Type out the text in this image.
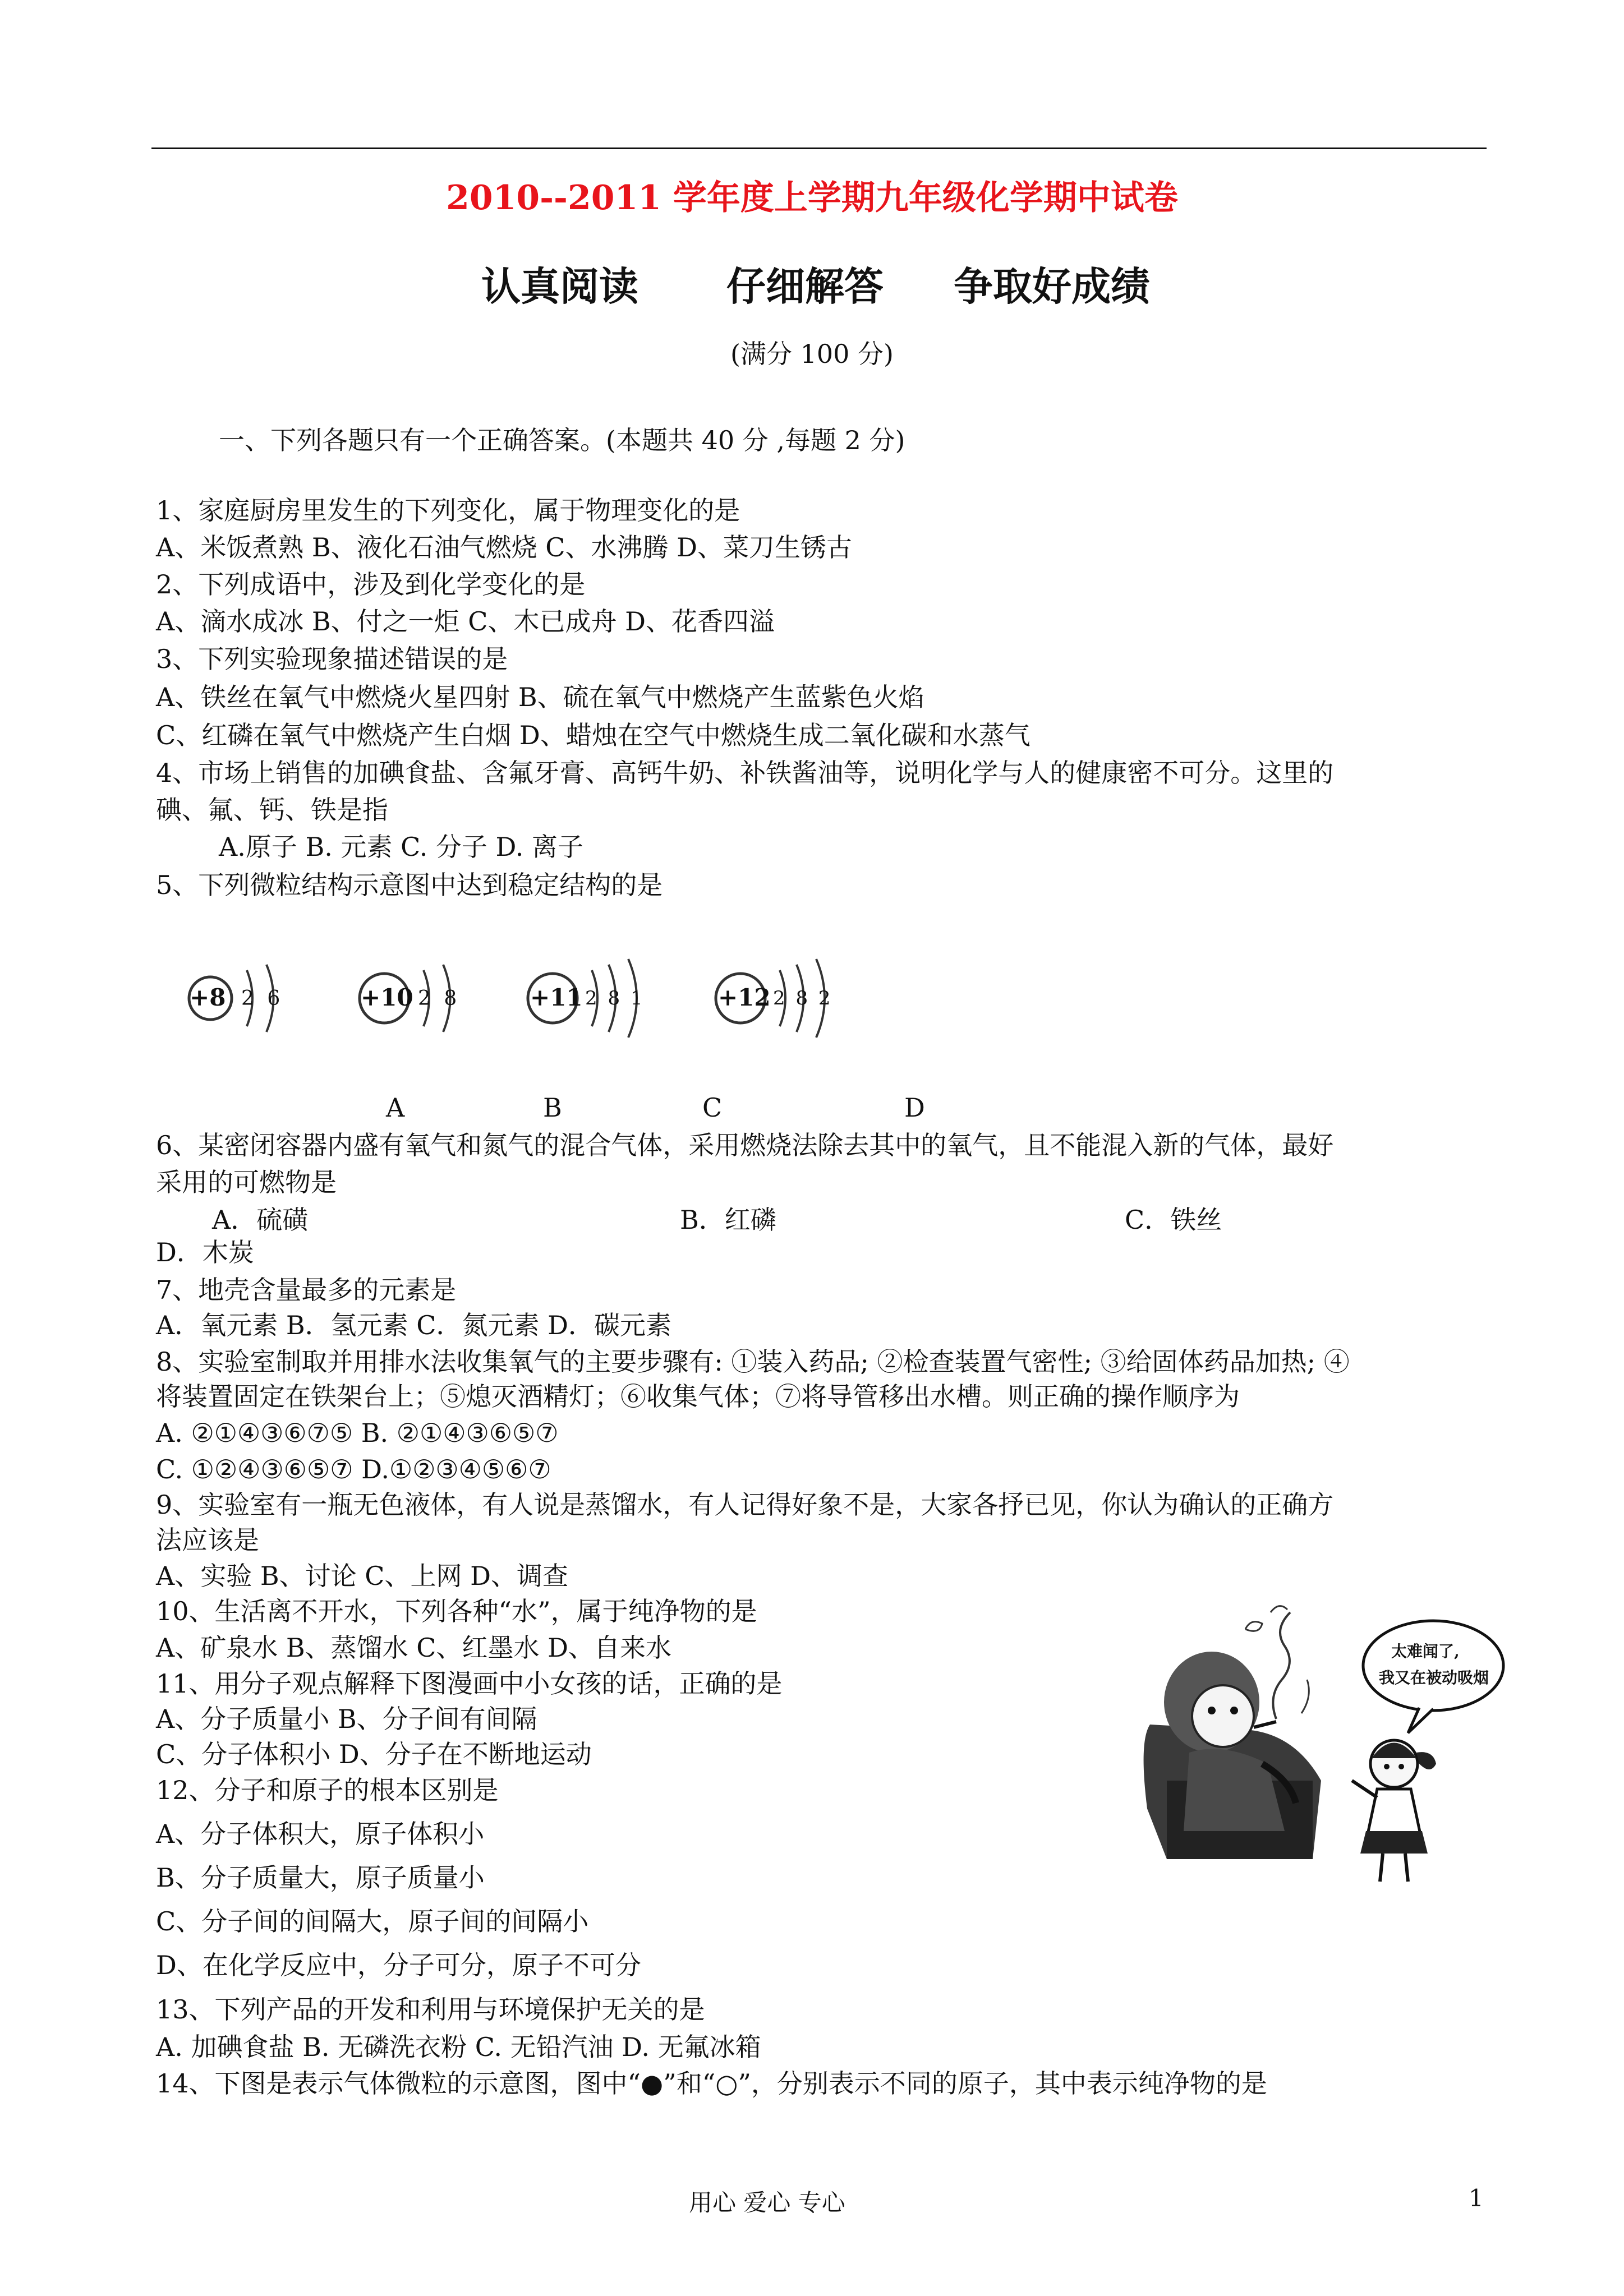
2010--2011 学年度上学期九年级化学期中试卷
认真阅读 仔细解答 争取好成绩
(满分 100 分)
一、下列各题只有一个正确答案。(本题共 40 分 ,每题 2 分)
1、家庭厨房里发生的下列变化，属于物理变化的是
A、米饭煮熟 B、液化石油气燃烧 C、水沸腾 D、菜刀生锈古
2、下列成语中，涉及到化学变化的是
A、滴水成冰 B、付之一炬 C、木已成舟 D、花香四溢
3、下列实验现象描述错误的是
A、铁丝在氧气中燃烧火星四射 B、硫在氧气中燃烧产生蓝紫色火焰
C、红磷在氧气中燃烧产生白烟 D、蜡烛在空气中燃烧生成二氧化碳和水蒸气
4、市场上销售的加碘食盐、含氟牙膏、高钙牛奶、补铁酱油等，说明化学与人的健康密不可分。这里的
碘、氟、钙、铁是指
A.原子 B. 元素 C. 分子 D. 离子
5、下列微粒结构示意图中达到稳定结构的是
+8 2 6	+10 2 8	+11 2 8 1	+12 2 8 2
A	B	C	D
6、某密闭容器内盛有氧气和氮气的混合气体，采用燃烧法除去其中的氧气，且不能混入新的气体，最好
采用的可燃物是
A．硫磺	B．红磷	C．铁丝
D．木炭
7、地壳含量最多的元素是
A．氧元素 B．氢元素 C．氮元素 D．碳元素
8、实验室制取并用排水法收集氧气的主要步骤有: ①装入药品; ②检查装置气密性; ③给固体药品加热; ④
将装置固定在铁架台上；⑤熄灭酒精灯；⑥收集气体；⑦将导管移出水槽。则正确的操作顺序为
A. ②①④③⑥⑦⑤ B. ②①④③⑥⑤⑦
C. ①②④③⑥⑤⑦ D.①②③④⑤⑥⑦
9、实验室有一瓶无色液体，有人说是蒸馏水，有人记得好象不是，大家各抒已见，你认为确认的正确方
法应该是
A、实验 B、讨论 C、上网 D、调查
10、生活离不开水，下列各种“水”，属于纯净物的是
A、矿泉水 B、蒸馏水 C、红墨水 D、自来水
11、用分子观点解释下图漫画中小女孩的话，正确的是
A、分子质量小 B、分子间有间隔
C、分子体积小 D、分子在不断地运动
12、分子和原子的根本区别是
A、分子体积大，原子体积小
B、分子质量大，原子质量小
C、分子间的间隔大，原子间的间隔小
D、在化学反应中，分子可分，原子不可分
13、下列产品的开发和利用与环境保护无关的是
A. 加碘食盐 B. 无磷洗衣粉 C. 无铅汽油 D. 无氟冰箱
14、下图是表示气体微粒的示意图，图中“●”和“○”，分别表示不同的原子，其中表示纯净物的是
太难闻了,
我又在被动吸烟
用心 爱心 专心	1
